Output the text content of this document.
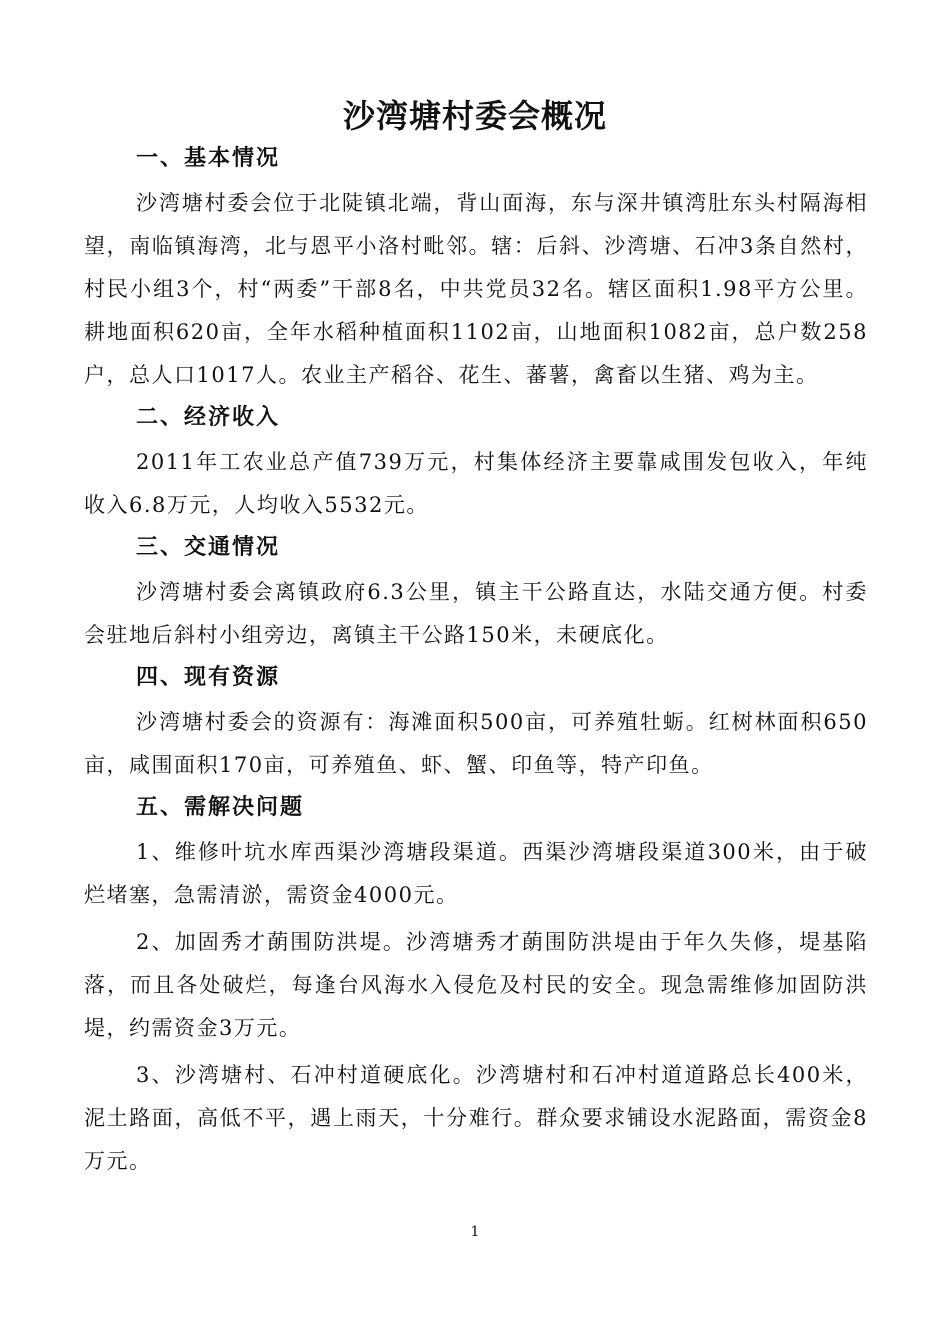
沙湾塘村委会概况
一、基本情况

沙湾塘村委会位于北陡镇北端，背山面海，东与深井镇湾肚东头村隔海相望，南临镇海湾，北与恩平小洛村毗邻。辖：后斜、沙湾塘、石冲3条自然村，村民小组3个，村“两委”干部8名，中共党员32名。辖区面积1.98平方公里。耕地面积620亩，全年水稻种植面积1102亩，山地面积1082亩，总户数258户，总人口1017人。农业主产稻谷、花生、蕃薯，禽畜以生猪、鸡为主。

二、经济收入

2011年工农业总产值739万元，村集体经济主要靠咸围发包收入，年纯收入6.8万元，人均收入5532元。

三、交通情况

沙湾塘村委会离镇政府6.3公里，镇主干公路直达，水陆交通方便。村委会驻地后斜村小组旁边，离镇主干公路150米，未硬底化。

四、现有资源

沙湾塘村委会的资源有：海滩面积500亩，可养殖牡蛎。红树林面积650亩，咸围面积170亩，可养殖鱼、虾、蟹、印鱼等，特产印鱼。

五、需解决问题

1、维修叶坑水库西渠沙湾塘段渠道。西渠沙湾塘段渠道300米，由于破烂堵塞，急需清淤，需资金4000元。

2、加固秀才蓢围防洪堤。沙湾塘秀才蓢围防洪堤由于年久失修，堤基陷落，而且各处破烂，每逢台风海水入侵危及村民的安全。现急需维修加固防洪堤，约需资金3万元。

3、沙湾塘村、石冲村道硬底化。沙湾塘村和石冲村道道路总长400米，泥土路面，高低不平，遇上雨天，十分难行。群众要求铺设水泥路面，需资金8万元。

1
